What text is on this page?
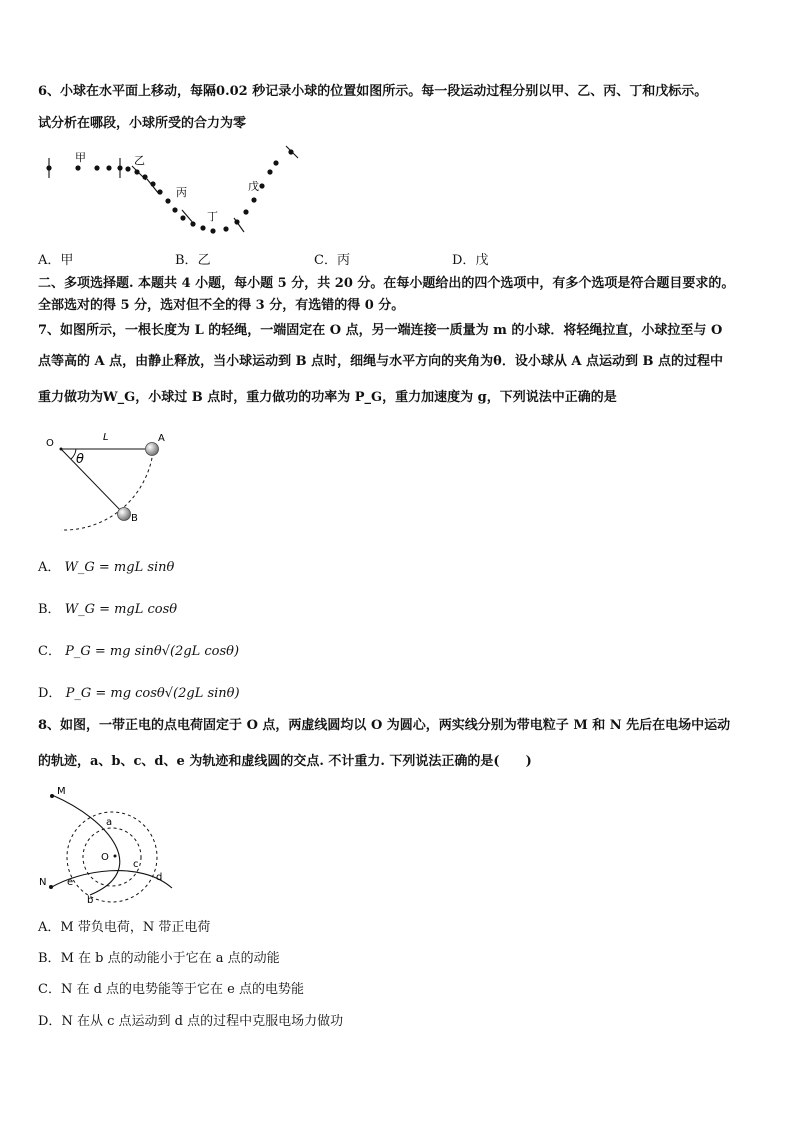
6、小球在水平面上移动，每隔0.02 秒记录小球的位置如图所示。每一段运动过程分别以甲、乙、丙、丁和戊标示。
试分析在哪段，小球所受的合力为零
甲	乙
丙
丁
戊
A．甲	B．乙	C．丙	D．戊
二、多项选择题. 本题共 4 小题，每小题 5 分，共 20 分。在每小题给出的四个选项中，有多个选项是符合题目要求的。
全部选对的得 5 分，选对但不全的得 3 分，有选错的得 0 分。
7、如图所示，一根长度为 L 的轻绳，一端固定在 O 点，另一端连接一质量为 m 的小球．将轻绳拉直，小球拉至与 O
点等高的 A 点，由静止释放，当小球运动到 B 点时，细绳与水平方向的夹角为θ．设小球从 A 点运动到 B 点的过程中
重力做功为W_G，小球过 B 点时，重力做功的功率为 P_G，重力加速度为 g，下列说法中正确的是
O
L	A
B
θ
A． W_G = mgL sinθ
B． W_G = mgL cosθ
C． P_G = mg sinθ√(2gL cosθ)
D． P_G = mg cosθ√(2gL sinθ)
8、如图，一带正电的点电荷固定于 O 点，两虚线圆均以 O 为圆心，两实线分别为带电粒子 M 和 N 先后在电场中运动
的轨迹，a、b、c、d、e 为轨迹和虚线圆的交点. 不计重力. 下列说法正确的是(　　)
M
N
O
a
b
c
d
e
A．M 带负电荷，N 带正电荷
B．M 在 b 点的动能小于它在 a 点的动能
C．N 在 d 点的电势能等于它在 e 点的电势能
D．N 在从 c 点运动到 d 点的过程中克服电场力做功
